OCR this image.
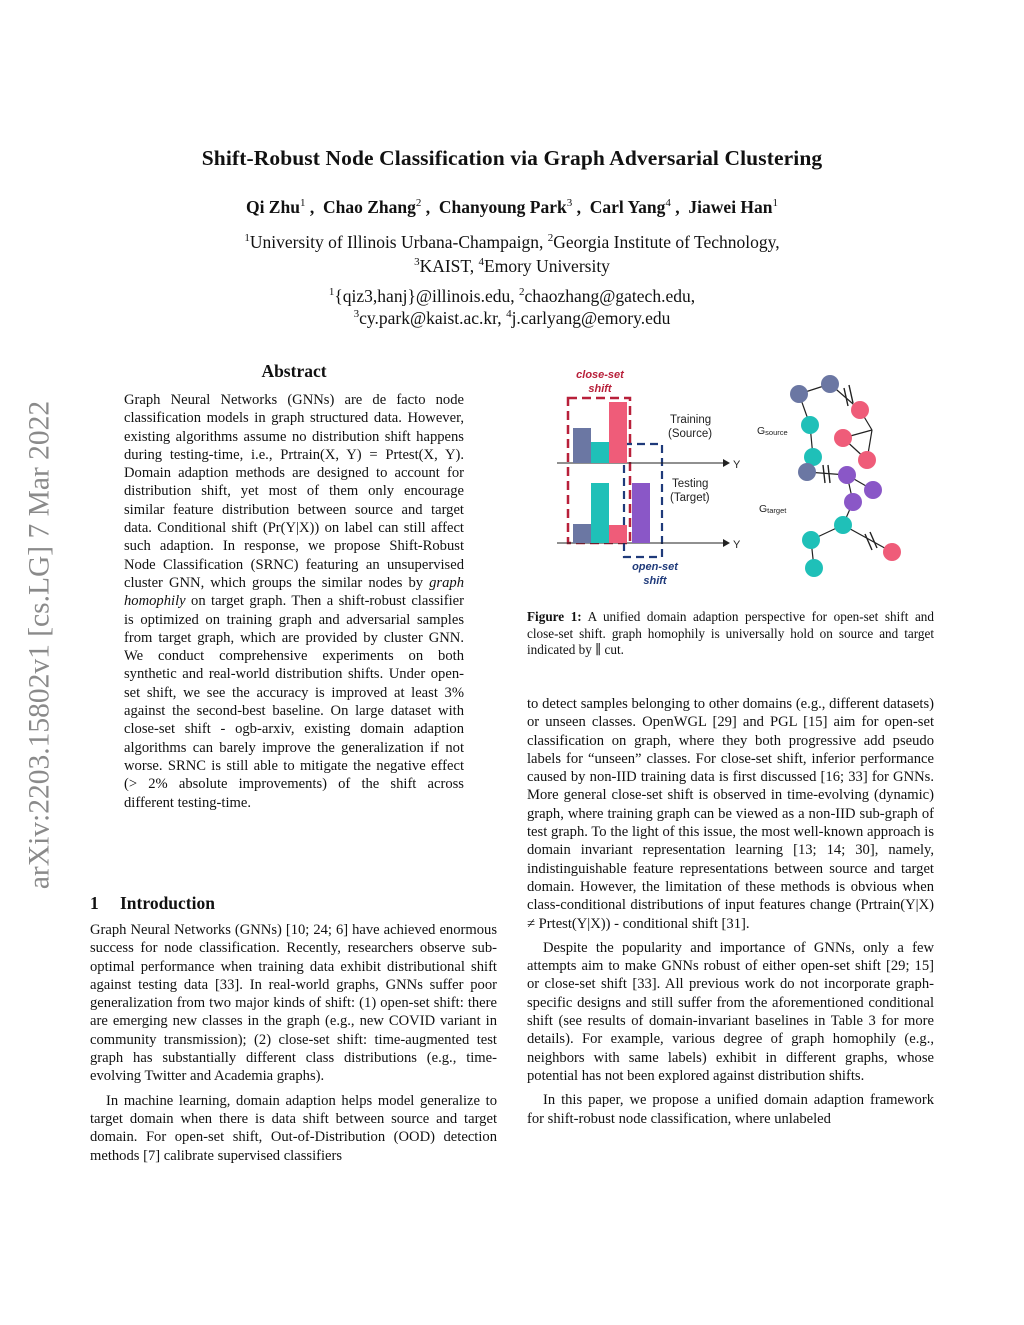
arXiv:2203.15802v1 [cs.LG] 7 Mar 2022
Shift-Robust Node Classification via Graph Adversarial Clustering
Qi Zhu$^1$ ,  Chao Zhang$^2$ ,  Chanyoung Park$^3$ ,  Carl Yang$^4$ ,  Jiawei Han$^1$
$^1$University of Illinois Urbana-Champaign, $^2$Georgia Institute of Technology,
$^3$KAIST, $^4$Emory University
$^1${qiz3,hanj}@illinois.edu, $^2$chaozhang@gatech.edu,
$^3$cy.park@kaist.ac.kr, $^4$j.carlyang@emory.edu
Abstract
Graph Neural Networks (GNNs) are de facto node classification models in graph structured data. However, existing algorithms assume no distribution shift happens during testing-time, i.e., Prtrain(X, Y) = Prtest(X, Y). Domain adaption methods are designed to account for distribution shift, yet most of them only encourage similar feature distribution between source and target data. Conditional shift (Pr(Y|X)) on label can still affect such adaption. In response, we propose Shift-Robust Node Classification (SRNC) featuring an unsupervised cluster GNN, which groups the similar nodes by graph homophily on target graph. Then a shift-robust classifier is optimized on training graph and adversarial samples from target graph, which are provided by cluster GNN. We conduct comprehensive experiments on both synthetic and real-world distribution shifts. Under open-set shift, we see the accuracy is improved at least 3% against the second-best baseline. On large dataset with close-set shift - ogb-arxiv, existing domain adaption algorithms can barely improve the generalization if not worse. SRNC is still able to mitigate the negative effect (> 2% absolute improvements) of the shift across different testing-time.
1 Introduction

Graph Neural Networks (GNNs) [10; 24; 6] have achieved enormous success for node classification. Recently, researchers observe sub-optimal performance when training data exhibit distributional shift against testing data [33]. In real-world graphs, GNNs suffer poor generalization from two major kinds of shift: (1) open-set shift: there are emerging new classes in the graph (e.g., new COVID variant in community transmission); (2) close-set shift: time-augmented test graph has substantially different class distributions (e.g., time-evolving Twitter and Academia graphs).

In machine learning, domain adaption helps model generalize to target domain when there is data shift between source and target domain. For open-set shift, Out-of-Distribution (OOD) detection methods [7] calibrate supervised classifiers

close-set
shift
open-set
shift
Training
(Source)
Testing
(Target)
Y
Y
Gsource
Gtarget
Figure 1: A unified domain adaption perspective for open-set shift and close-set shift. graph homophily is universally hold on source and target indicated by ∥ cut.

to detect samples belonging to other domains (e.g., different datasets) or unseen classes. OpenWGL [29] and PGL [15] aim for open-set classification on graph, where they both progressive add pseudo labels for “unseen” classes. For close-set shift, inferior performance caused by non-IID training data is first discussed [16; 33] for GNNs. More general close-set shift is observed in time-evolving (dynamic) graph, where training graph can be viewed as a non-IID sub-graph of test graph. To the light of this issue, the most well-known approach is domain invariant representation learning [13; 14; 30], namely, indistinguishable feature representations between source and target domain. However, the limitation of these methods is obvious when class-conditional distributions of input features change (Prtrain(Y|X) ≠ Prtest(Y|X)) - conditional shift [31].

Despite the popularity and importance of GNNs, only a few attempts aim to make GNNs robust of either open-set shift [29; 15] or close-set shift [33]. All previous work do not incorporate graph-specific designs and still suffer from the aforementioned conditional shift (see results of domain-invariant baselines in Table 3 for more details). For example, various degree of graph homophily (e.g., neighbors with same labels) exhibit in different graphs, whose potential has not been explored against distribution shifts.

In this paper, we propose a unified domain adaption framework for shift-robust node classification, where unlabeled
